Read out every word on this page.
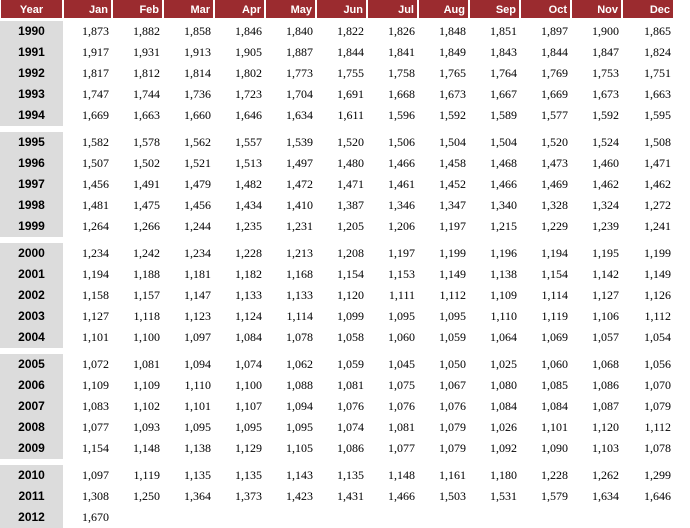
Year	Jan	Feb	Mar	Apr	May	Jun	Jul	Aug	Sep	Oct	Nov	Dec

1990	1,873	1,882	1,858	1,846	1,840	1,822	1,826	1,848	1,851	1,897	1,900	1,865
1991	1,917	1,931	1,913	1,905	1,887	1,844	1,841	1,849	1,843	1,844	1,847	1,824
1992	1,817	1,812	1,814	1,802	1,773	1,755	1,758	1,765	1,764	1,769	1,753	1,751
1993	1,747	1,744	1,736	1,723	1,704	1,691	1,668	1,673	1,667	1,669	1,673	1,663
1994	1,669	1,663	1,660	1,646	1,634	1,611	1,596	1,592	1,589	1,577	1,592	1,595

1995	1,582	1,578	1,562	1,557	1,539	1,520	1,506	1,504	1,504	1,520	1,524	1,508
1996	1,507	1,502	1,521	1,513	1,497	1,480	1,466	1,458	1,468	1,473	1,460	1,471
1997	1,456	1,491	1,479	1,482	1,472	1,471	1,461	1,452	1,466	1,469	1,462	1,462
1998	1,481	1,475	1,456	1,434	1,410	1,387	1,346	1,347	1,340	1,328	1,324	1,272
1999	1,264	1,266	1,244	1,235	1,231	1,205	1,206	1,197	1,215	1,229	1,239	1,241

2000	1,234	1,242	1,234	1,228	1,213	1,208	1,197	1,199	1,196	1,194	1,195	1,199
2001	1,194	1,188	1,181	1,182	1,168	1,154	1,153	1,149	1,138	1,154	1,142	1,149
2002	1,158	1,157	1,147	1,133	1,133	1,120	1,111	1,112	1,109	1,114	1,127	1,126
2003	1,127	1,118	1,123	1,124	1,114	1,099	1,095	1,095	1,110	1,119	1,106	1,112
2004	1,101	1,100	1,097	1,084	1,078	1,058	1,060	1,059	1,064	1,069	1,057	1,054

2005	1,072	1,081	1,094	1,074	1,062	1,059	1,045	1,050	1,025	1,060	1,068	1,056
2006	1,109	1,109	1,110	1,100	1,088	1,081	1,075	1,067	1,080	1,085	1,086	1,070
2007	1,083	1,102	1,101	1,107	1,094	1,076	1,076	1,076	1,084	1,084	1,087	1,079
2008	1,077	1,093	1,095	1,095	1,095	1,074	1,081	1,079	1,026	1,101	1,120	1,112
2009	1,154	1,148	1,138	1,129	1,105	1,086	1,077	1,079	1,092	1,090	1,103	1,078

2010	1,097	1,119	1,135	1,135	1,143	1,135	1,148	1,161	1,180	1,228	1,262	1,299
2011	1,308	1,250	1,364	1,373	1,423	1,431	1,466	1,503	1,531	1,579	1,634	1,646
2012	1,670											
